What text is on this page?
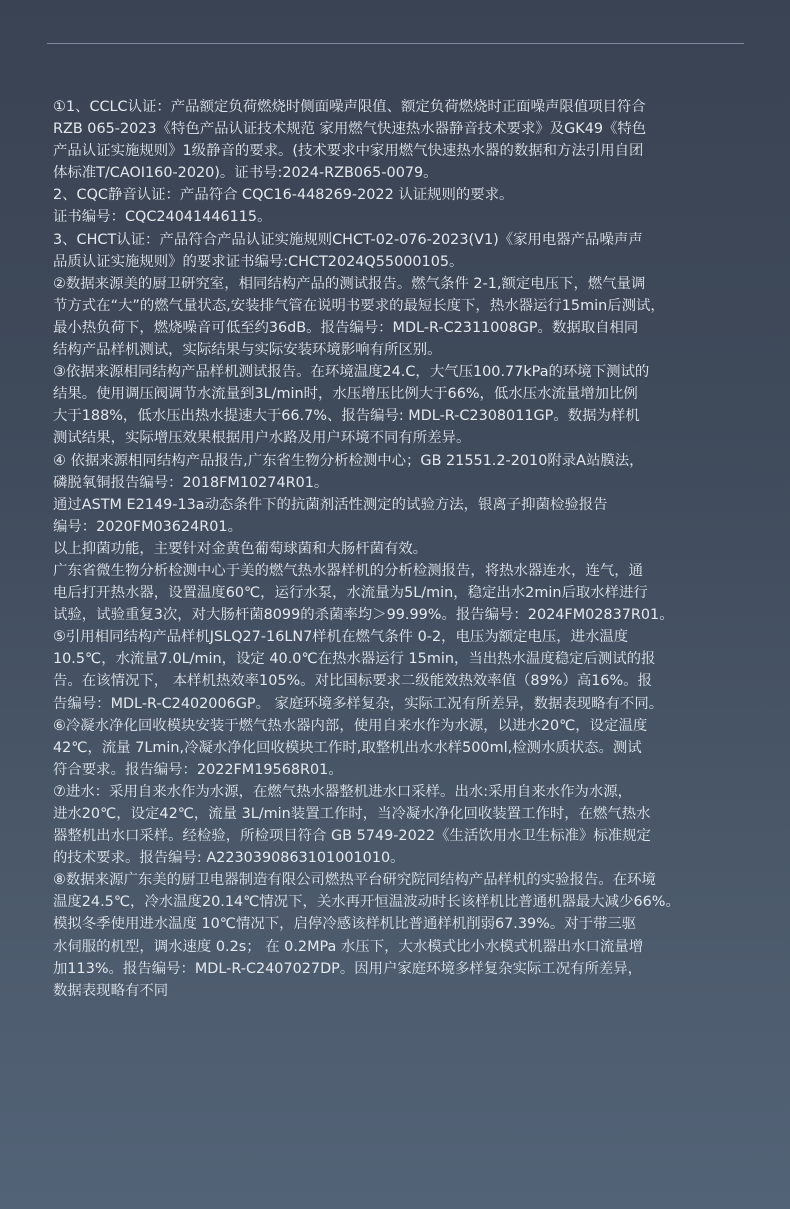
①1、CCLC认证：产品额定负荷燃烧时侧面噪声限值、额定负荷燃烧时正面噪声限值项目符合
RZB 065-2023《特色产品认证技术规范 家用燃气快速热水器静音技术要求》及GK49《特色
产品认证实施规则》1级静音的要求。(技术要求中家用燃气快速热水器的数据和方法引用自团
体标准T/CAOI160-2020)。证书号:2024-RZB065-0079。
2、CQC静音认证：产品符合 CQC16-448269-2022 认证规则的要求。
证书编号：CQC24041446115。
3、CHCT认证：产品符合产品认证实施规则CHCT-02-076-2023(V1)《家用电器产品噪声声
品质认证实施规则》的要求证书编号:CHCT2024Q55000105。
②数据来源美的厨卫研究室，相同结构产品的测试报告。燃气条件 2-1,额定电压下，燃气量调
节方式在“大”的燃气量状态,安装排气管在说明书要求的最短长度下，热水器运行15min后测试，
最小热负荷下，燃烧噪音可低至约36dB。报告编号：MDL-R-C2311008GP。数据取自相同
结构产品样机测试，实际结果与实际安装环境影响有所区别。
③依据来源相同结构产品样机测试报告。在环境温度24.C，大气压100.77kPa的环境下测试的
结果。使用调压阀调节水流量到3L/min时，水压增压比例大于66%，低水压水流量增加比例
大于188%，低水压出热水提速大于66.7%、报告编号: MDL-R-C2308011GP。数据为样机
测试结果，实际增压效果根据用户水路及用户环境不同有所差异。
④ 依据来源相同结构产品报告,广东省生物分析检测中心；GB 21551.2-2010附录A站膜法，
磷脱氧铜报告编号：2018FM10274R01。
通过ASTM E2149-13a动态条件下的抗菌剂活性测定的试验方法，银离子抑菌检验报告
编号：2020FM03624R01。
以上抑菌功能，主要针对金黄色葡萄球菌和大肠杆菌有效。
广东省微生物分析检测中心于美的燃气热水器样机的分析检测报告，将热水器连水，连气，通
电后打开热水器，设置温度60℃，运行水泵，水流量为5L/min，稳定出水2min后取水样进行
试验，试验重复3次，对大肠杆菌8099的杀菌率均＞99.99%。报告编号：2024FM02837R01。
⑤引用相同结构产品样机JSLQ27-16LN7样机在燃气条件 0-2，电压为额定电压，进水温度
10.5℃，水流量7.0L/min，设定 40.0℃在热水器运行 15min，当出热水温度稳定后测试的报
告。在该情况下， 本样机热效率105%。对比国标要求二级能效热效率值（89%）高16%。报
告编号：MDL-R-C2402006GP。 家庭环境多样复杂，实际工况有所差异，数据表现略有不同。
⑥冷凝水净化回收模块安装于燃气热水器内部，使用自来水作为水源，以进水20℃，设定温度
42℃，流量 7Lmin,冷凝水净化回收模块工作时,取整机出水水样500ml,检测水质状态。测试
符合要求。报告编号：2022FM19568R01。
⑦进水：采用自来水作为水源，在燃气热水器整机进水口采样。出水:采用自来水作为水源，
进水20℃，设定42℃，流量 3L/min装置工作时，当冷凝水净化回收装置工作时，在燃气热水
器整机出水口采样。经检验，所检项目符合 GB 5749-2022《生活饮用水卫生标准》标准规定
的技术要求。报告编号: A2230390863101001010。
⑧数据来源广东美的厨卫电器制造有限公司燃热平台研究院同结构产品样机的实验报告。在环境
温度24.5℃，冷水温度20.14℃情况下，关水再开恒温波动时长该样机比普通机器最大减少66%。
模拟冬季使用进水温度 10℃情况下，启停冷感该样机比普通样机削弱67.39%。对于带三驱
水伺服的机型，调水速度 0.2s； 在 0.2MPa 水压下，大水模式比小水模式机器出水口流量增
加113%。报告编号：MDL-R-C2407027DP。因用户家庭环境多样复杂实际工况有所差异，
数据表现略有不同
